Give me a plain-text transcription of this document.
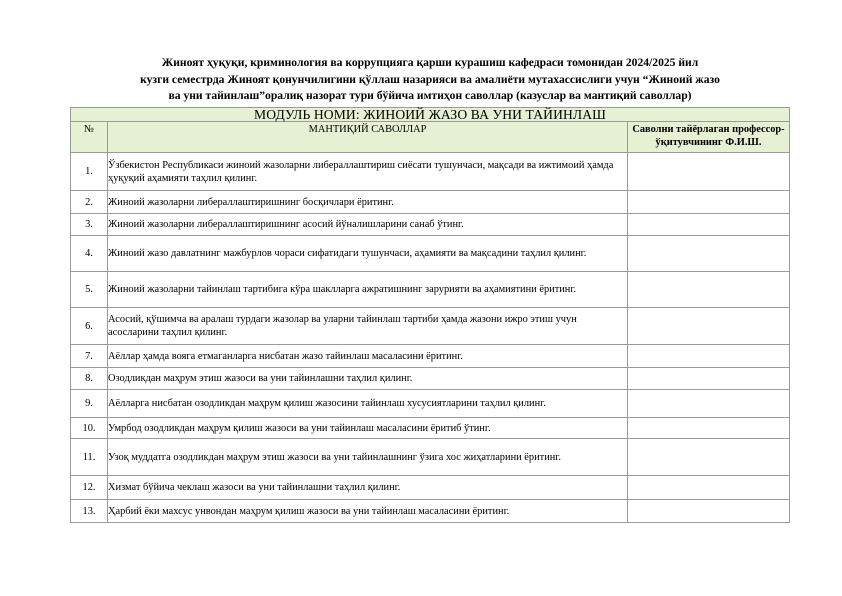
Жиноят ҳуқуқи, криминология ва коррупцияга қарши курашиш кафедраси томонидан 2024/2025 йил
кузги семестрда Жиноят қонунчилигини қўллаш назарияси ва амалиёти мутахассислиги учун “Жиноий жазо
ва уни тайинлаш”оралиқ назорат тури бўйича имтиҳон саволлар (казуслар ва мантиқий саволлар)
МОДУЛЬ НОМИ: ЖИНОИЙ ЖАЗО ВА УНИ ТАЙИНЛАШ		
№	МАНТИҚИЙ САВОЛЛАР	Саволни тайёрлаган профессор-ўқитувчининг Ф.И.Ш.
1.	Ўзбекистон Республикаси жиноий жазоларни либераллаштириш сиёсати тушунчаси, мақсади ва ижтимоий ҳамда ҳуқуқий аҳамияти таҳлил қилинг.	
2.	Жиноий жазоларни либераллаштиришнинг босқичлари ёритинг.	
3.	Жиноий жазоларни либераллаштиришнинг асосий йўналишларини санаб ўтинг.	
4.	Жиноий жазо давлатнинг мажбурлов чораси сифатидаги тушунчаси, аҳамияти ва мақсадини таҳлил қилинг.	
5.	Жиноий жазоларни тайинлаш тартибига кўра шаклларга ажратишнинг зарурияти ва аҳамиятини ёритинг.	
6.	Асосий, қўшимча ва аралаш турдаги жазолар ва уларни тайинлаш тартиби ҳамда жазони ижро этиш учун асосларини таҳлил қилинг.	
7.	Аёллар ҳамда вояга етмаганларга нисбатан жазо тайинлаш масаласини ёритинг.	
8.	Озодликдан маҳрум этиш жазоси ва уни тайинлашни таҳлил қилинг.	
9.	Аёлларга нисбатан озодликдан маҳрум қилиш жазосини тайинлаш хусусиятларини таҳлил қилинг.	
10.	Умрбод озодликдан маҳрум қилиш жазоси ва уни тайинлаш масаласини ёритиб ўтинг.	
11.	Узоқ муддатга озодликдан маҳрум этиш жазоси ва уни тайинлашнинг ўзига хос жиҳатларини ёритинг.	
12.	Хизмат бўйича чеклаш жазоси ва уни тайинлашни таҳлил қилинг.	
13.	Ҳарбий ёки махсус унвондан маҳрум қилиш жазоси ва уни тайинлаш масаласини ёритинг.	
